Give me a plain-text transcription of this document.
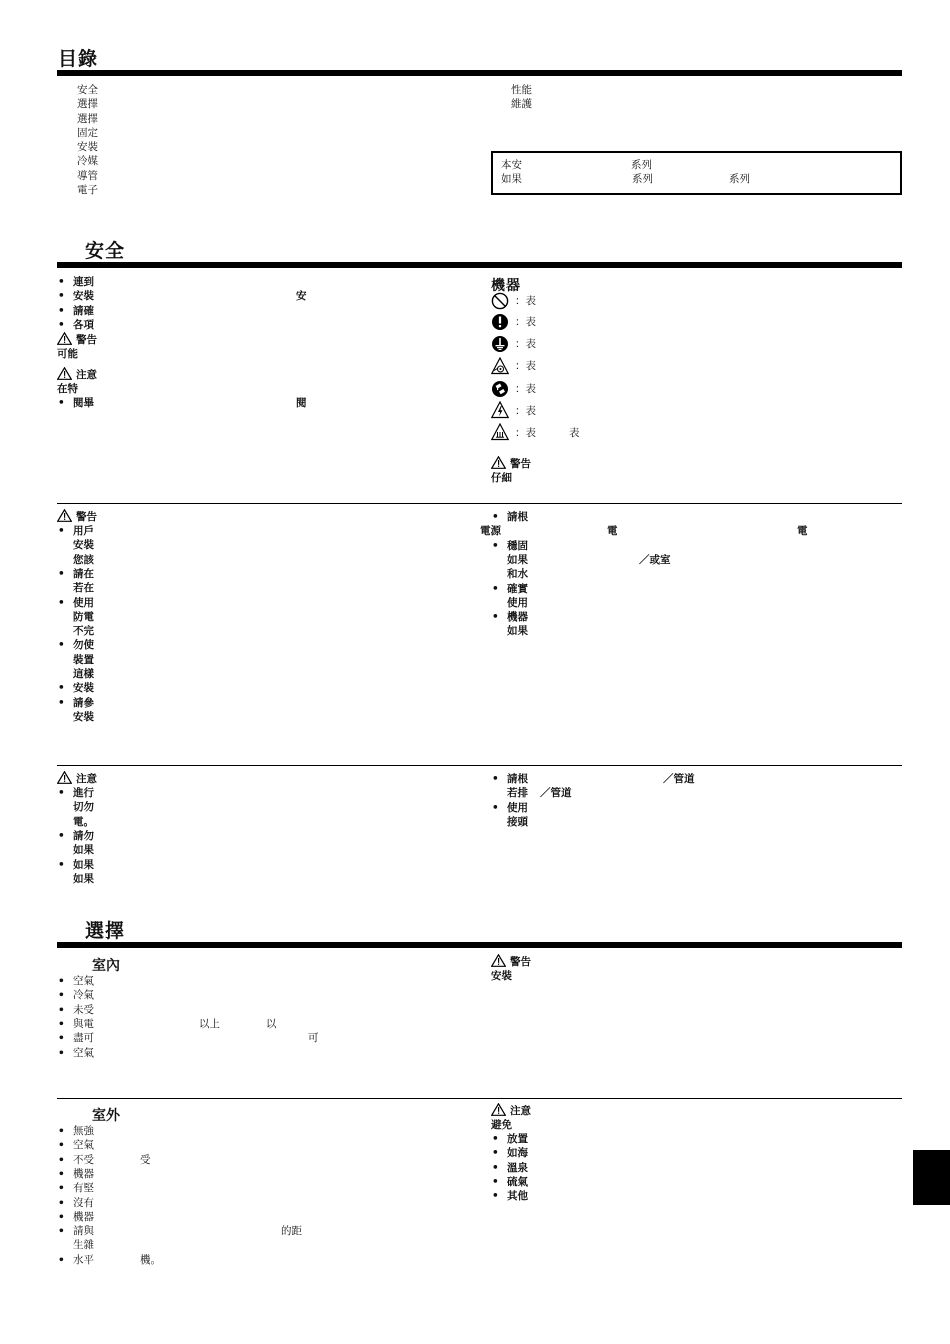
目錄
安全
選擇
選擇
固定
安裝
冷媒
導管
電子
性能
維護
本安	系列
如果	系列	系列
安全
• 連到
• 安裝	安
• 請確
• 各項
警告
可能
注意
在特
• 閱畢	閱
機器
：表
：表
：表
：表
：表
：表
：表	表
警告
仔細
警告
• 用戶
安裝
您該
• 請在
若在
• 使用
防電
不完
• 勿使
裝置
這樣
• 安裝
• 請參
安裝
• 請根
電源	電	電
• 穩固
如果	／或室
和水
• 確實
使用
• 機器
如果
注意
• 進行
切勿
電。
• 請勿
如果
• 如果
如果
• 請根	／管道
若排 ／管道
• 使用
接頭
選擇
室內
• 空氣
• 冷氣
• 未受
• 與電	以上	以
• 盡可	可
• 空氣
警告
安裝
室外
• 無強
• 空氣
• 不受	受
• 機器
• 有堅
• 沒有
• 機器
• 請與	的距
生雜
• 水平	機。
注意
避免
• 放置
• 如海
• 溫泉
• 硫氣
• 其他
